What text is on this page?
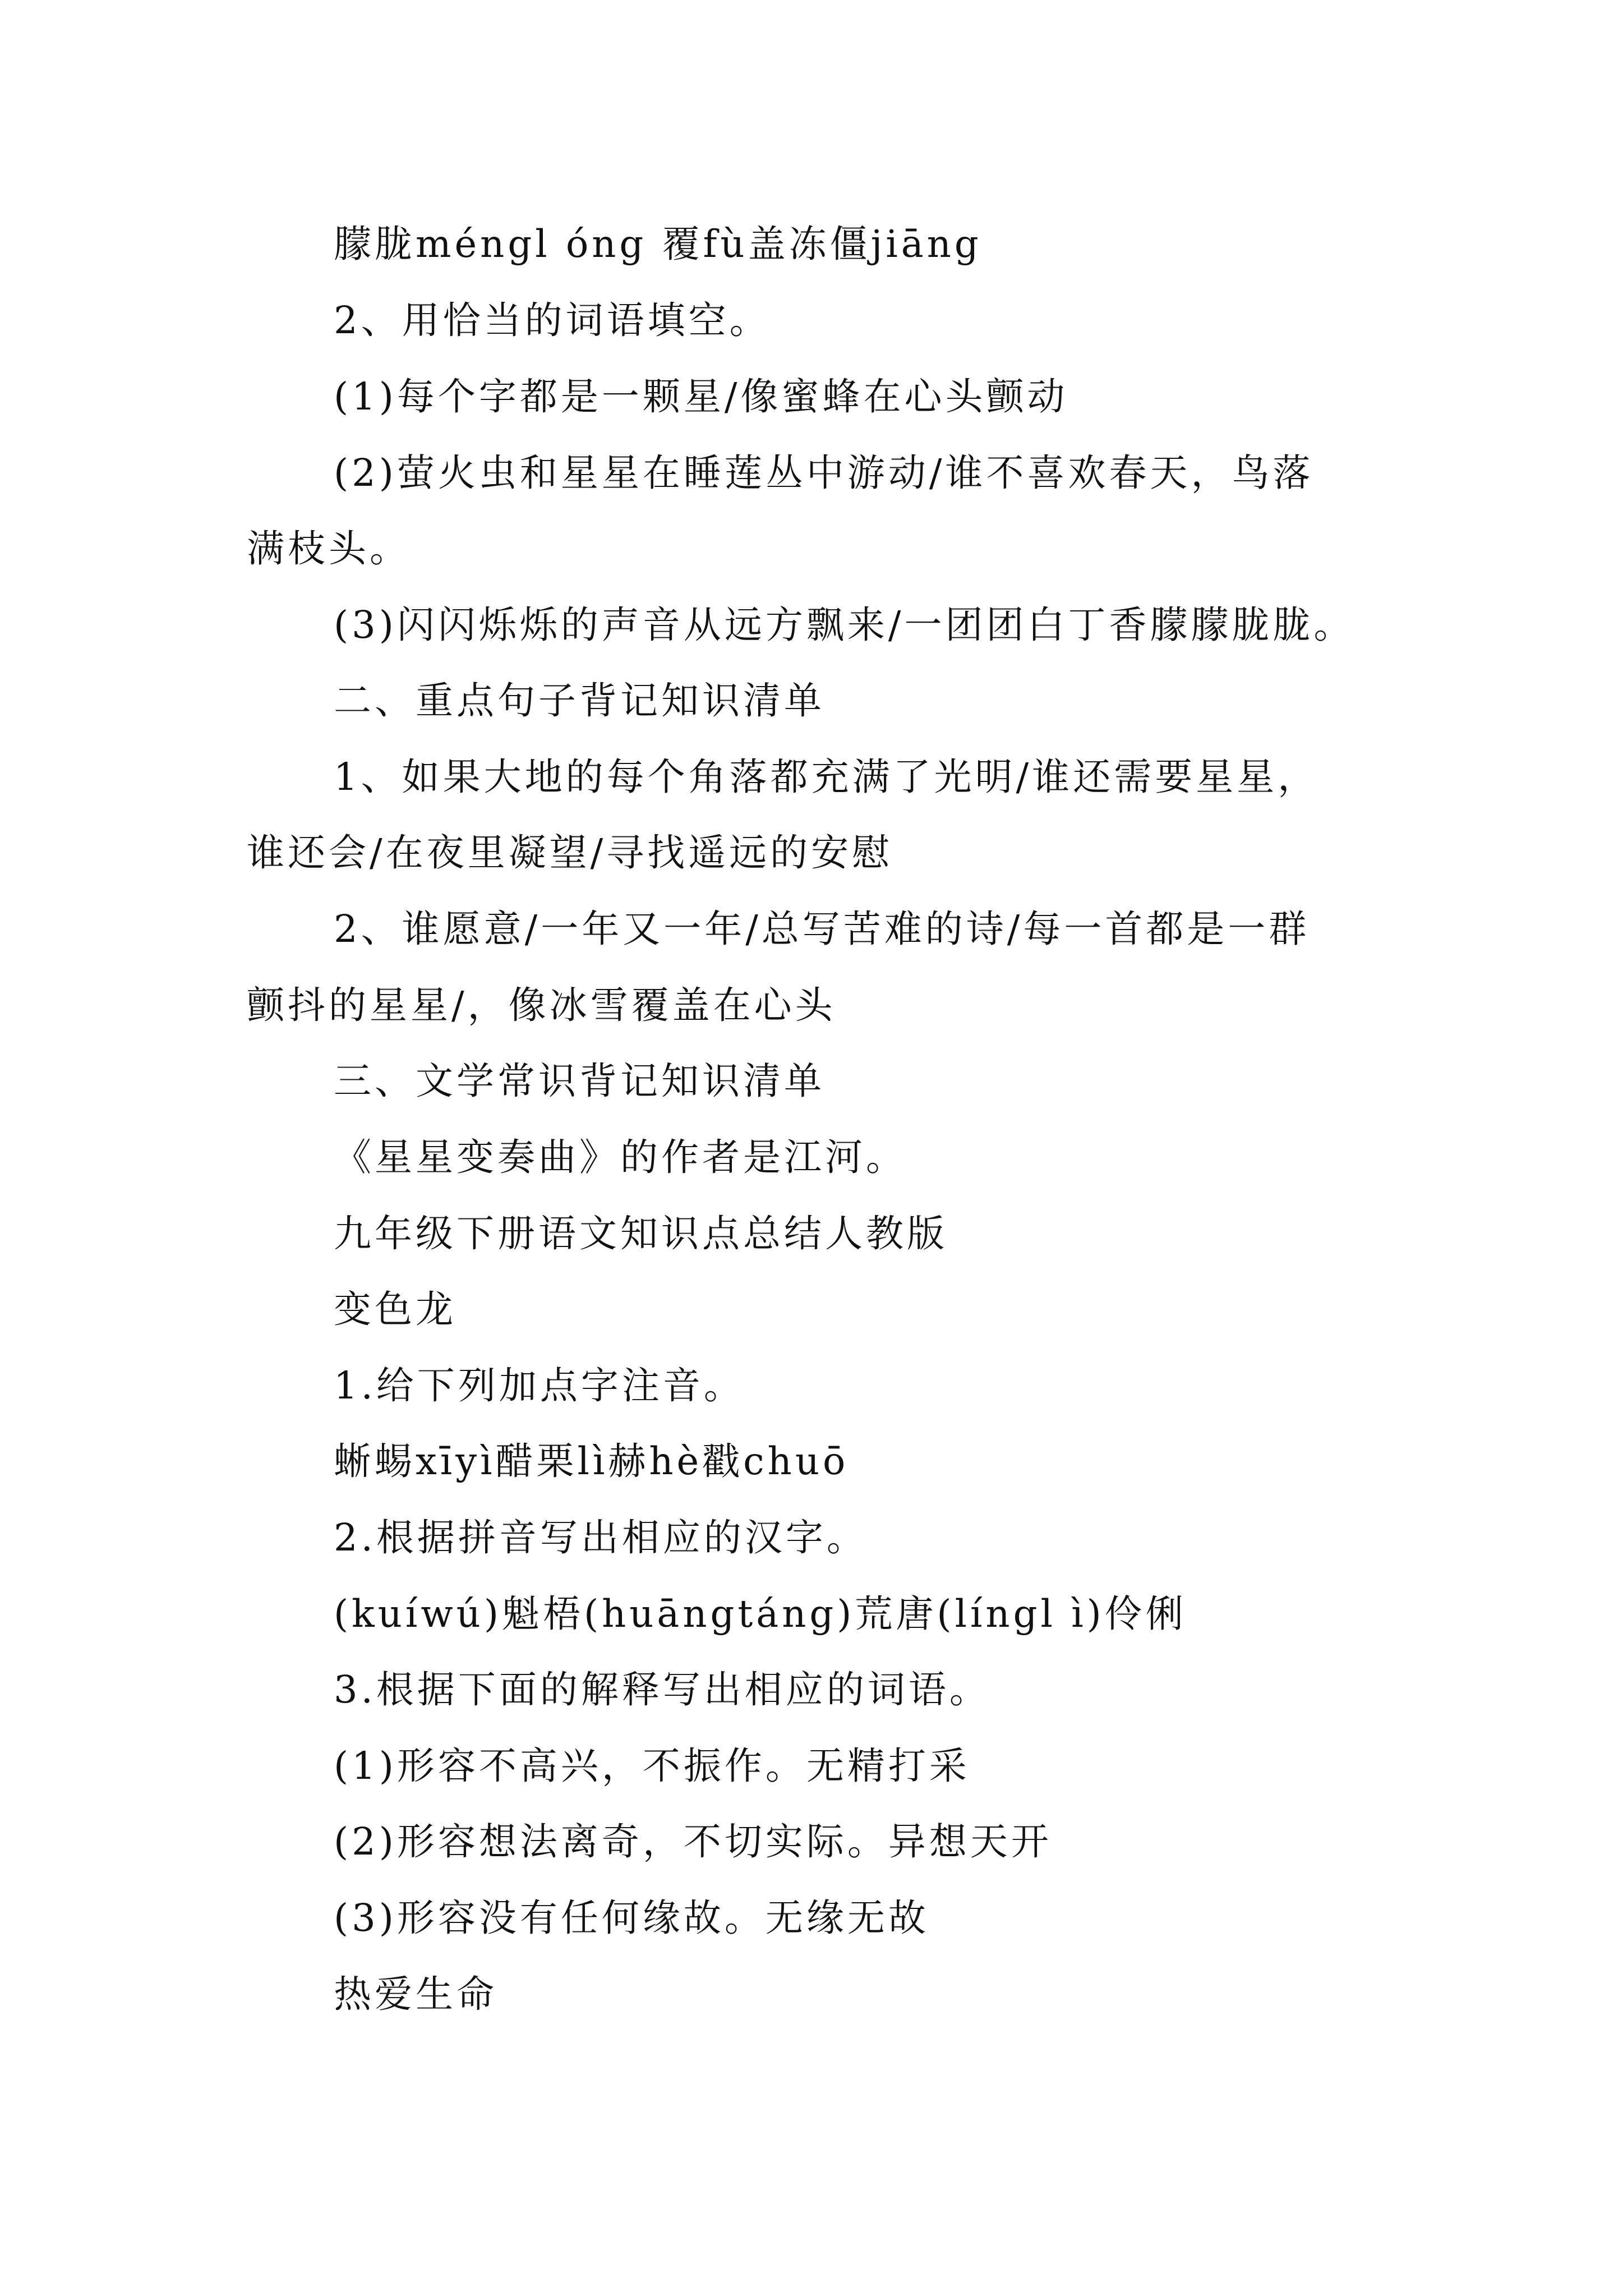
朦胧méngl óng 覆fù盖冻僵jiāng
2、用恰当的词语填空。
(1)每个字都是一颗星/像蜜蜂在心头颤动
(2)萤火虫和星星在睡莲丛中游动/谁不喜欢春天，鸟落
满枝头。
(3)闪闪烁烁的声音从远方飘来/一团团白丁香朦朦胧胧。
二、重点句子背记知识清单
1、如果大地的每个角落都充满了光明/谁还需要星星，
谁还会/在夜里凝望/寻找遥远的安慰
2、谁愿意/一年又一年/总写苦难的诗/每一首都是一群
颤抖的星星/，像冰雪覆盖在心头
三、文学常识背记知识清单
《星星变奏曲》的作者是江河。
九年级下册语文知识点总结人教版
变色龙
1.给下列加点字注音。
蜥蜴xīyì醋栗lì赫hè戳chuō
2.根据拼音写出相应的汉字。
(kuíwú)魁梧(huāngtáng)荒唐(língl ì)伶俐
3.根据下面的解释写出相应的词语。
(1)形容不高兴，不振作。无精打采
(2)形容想法离奇，不切实际。异想天开
(3)形容没有任何缘故。无缘无故
热爱生命
